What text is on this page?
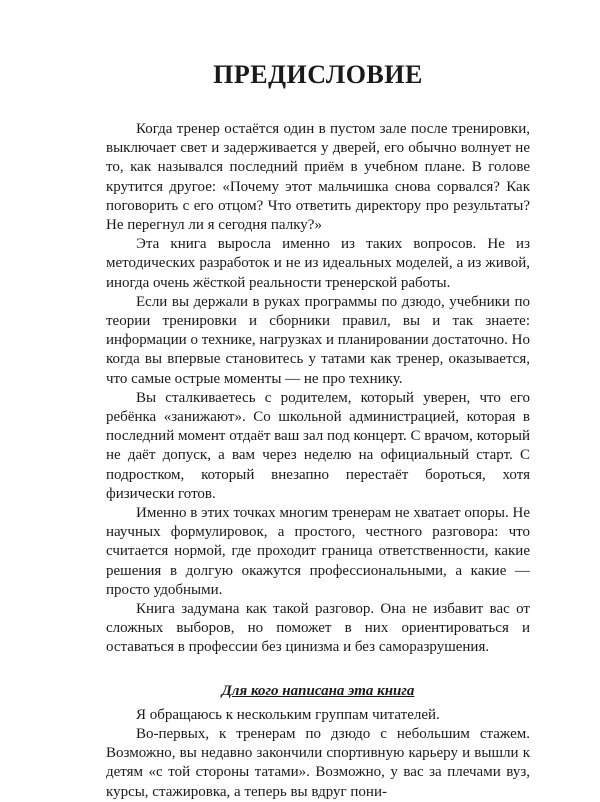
ПРЕДИСЛОВИЕ

Когда тренер остаётся один в пустом зале после тренировки, выключает свет и задерживается у дверей, его обычно волнует не то, как назывался последний приём в учебном плане. В голове крутится другое: «Почему этот мальчишка снова сорвался? Как поговорить с его отцом? Что ответить директору про результаты? Не перегнул ли я сегодня палку?»

Эта книга выросла именно из таких вопросов. Не из методических разработок и не из идеальных моделей, а из живой, иногда очень жёсткой реальности тренерской работы.

Если вы держали в руках программы по дзюдо, учебники по теории тренировки и сборники правил, вы и так знаете: информации о технике, нагрузках и планировании достаточно. Но когда вы впервые становитесь у татами как тренер, оказывается, что самые острые моменты — не про технику.

Вы сталкиваетесь с родителем, который уверен, что его ребёнка «занижают». Со школьной администрацией, которая в последний момент отдаёт ваш зал под концерт. С врачом, который не даёт допуск, а вам через неделю на официальный старт. С подростком, который внезапно перестаёт бороться, хотя физически готов.

Именно в этих точках многим тренерам не хватает опоры. Не научных формулировок, а простого, честного разговора: что считается нормой, где проходит граница ответственности, какие решения в долгую окажутся профессиональными, а какие — просто удобными.

Книга задумана как такой разговор. Она не избавит вас от сложных выборов, но поможет в них ориентироваться и оставаться в профессии без цинизма и без саморазрушения.

Для кого написана эта книга

Я обращаюсь к нескольким группам читателей.

Во-первых, к тренерам по дзюдо с небольшим стажем. Возможно, вы недавно закончили спортивную карьеру и вышли к детям «с той стороны татами». Возможно, у вас за плечами вуз, курсы, стажировка, а теперь вы вдруг пони-
